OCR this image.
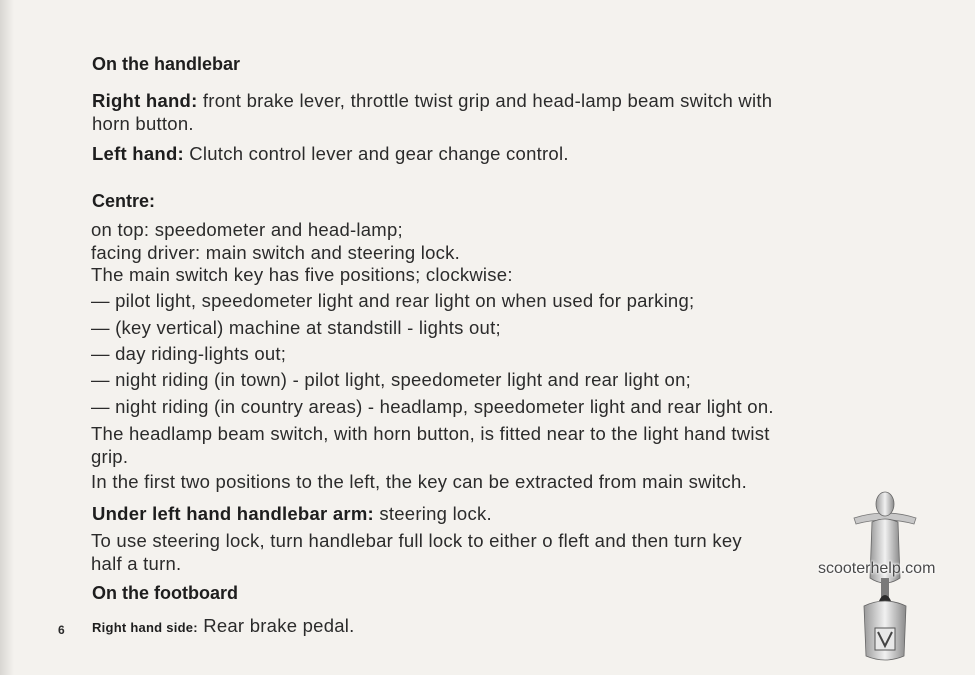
On the handlebar
Right hand: front brake lever, throttle twist grip and head-lamp beam switch with
horn button.
Left hand: Clutch control lever and gear change control.
Centre:
on top: speedometer and head-lamp;
facing driver: main switch and steering lock.
The main switch key has five positions; clockwise:
— pilot light, speedometer light and rear light on when used for parking;
— (key vertical) machine at standstill - lights out;
— day riding-lights out;
— night riding (in town) - pilot light, speedometer light and rear light on;
— night riding (in country areas) - headlamp, speedometer light and rear light on.
The headlamp beam switch, with horn button, is fitted near to the light hand twist
grip.
In the first two positions to the left, the key can be extracted from main switch.
Under left hand handlebar arm: steering lock.
To use steering lock, turn handlebar full lock to either o fleft and then turn key
half a turn.
On the footboard
Right hand side: Rear brake pedal.
6
scooterhelp.com
